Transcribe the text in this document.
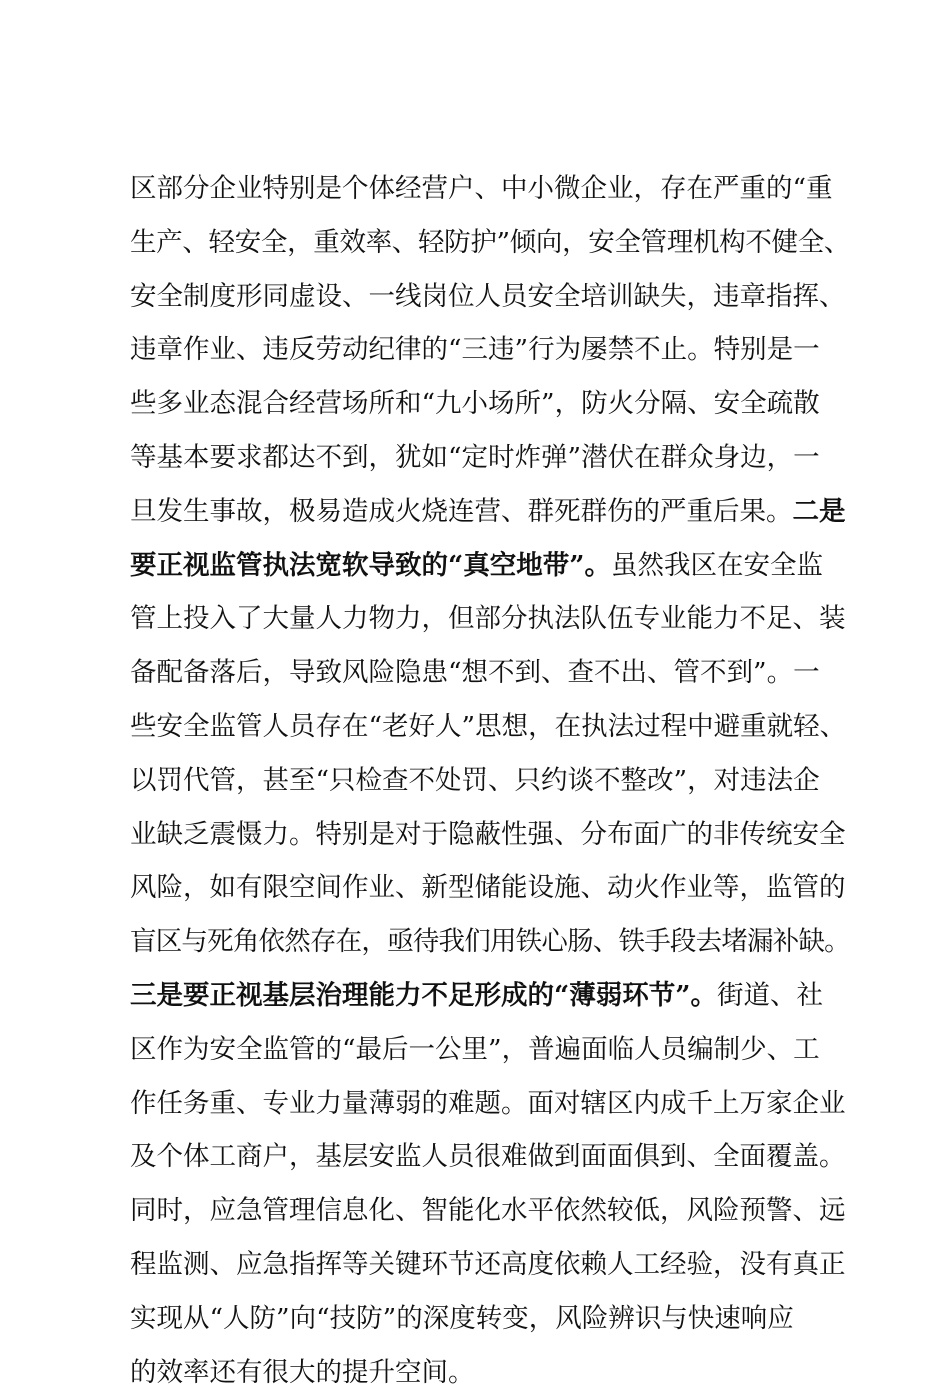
区部分企业特别是个体经营户、中小微企业，存在严重的“重
生产、轻安全，重效率、轻防护”倾向，安全管理机构不健全、
安全制度形同虚设、一线岗位人员安全培训缺失，违章指挥、
违章作业、违反劳动纪律的“三违”行为屡禁不止。特别是一
些多业态混合经营场所和“九小场所”，防火分隔、安全疏散
等基本要求都达不到，犹如“定时炸弹”潜伏在群众身边，一
旦发生事故，极易造成火烧连营、群死群伤的严重后果。二是
要正视监管执法宽软导致的“真空地带”。虽然我区在安全监
管上投入了大量人力物力，但部分执法队伍专业能力不足、装
备配备落后，导致风险隐患“想不到、查不出、管不到”。一
些安全监管人员存在“老好人”思想，在执法过程中避重就轻、
以罚代管，甚至“只检查不处罚、只约谈不整改”，对违法企
业缺乏震慑力。特别是对于隐蔽性强、分布面广的非传统安全
风险，如有限空间作业、新型储能设施、动火作业等，监管的
盲区与死角依然存在，亟待我们用铁心肠、铁手段去堵漏补缺。
三是要正视基层治理能力不足形成的“薄弱环节”。街道、社
区作为安全监管的“最后一公里”，普遍面临人员编制少、工
作任务重、专业力量薄弱的难题。面对辖区内成千上万家企业
及个体工商户，基层安监人员很难做到面面俱到、全面覆盖。
同时，应急管理信息化、智能化水平依然较低，风险预警、远
程监测、应急指挥等关键环节还高度依赖人工经验，没有真正
实现从“人防”向“技防”的深度转变，风险辨识与快速响应
的效率还有很大的提升空间。
